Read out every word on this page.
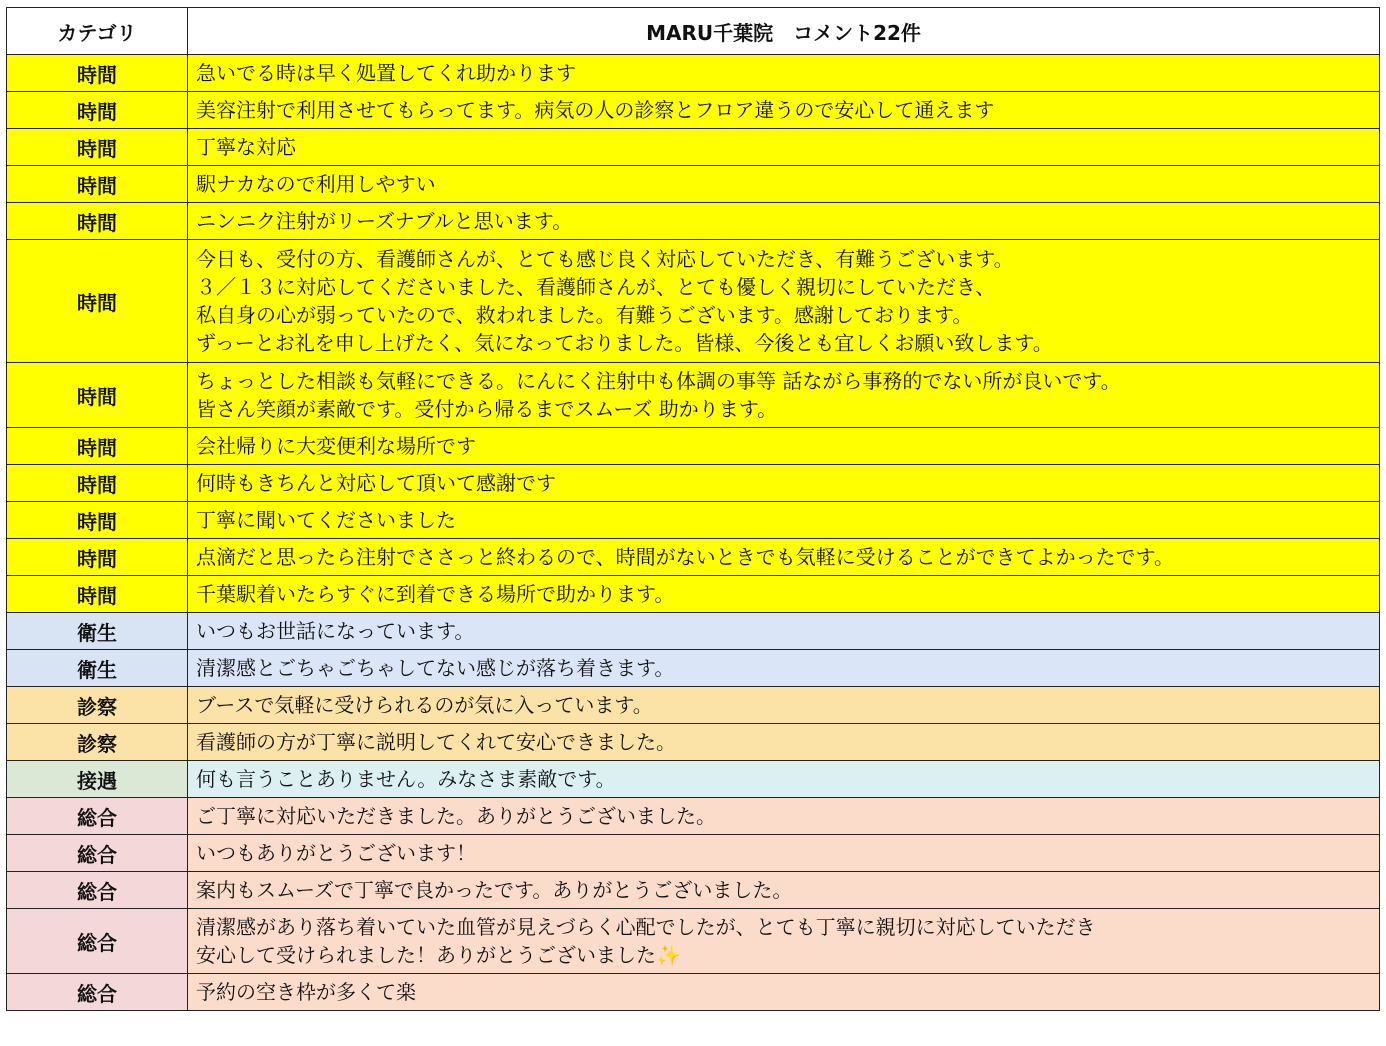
カテゴリ	MARU千葉院　コメント22件
時間	急いでる時は早く処置してくれ助かります

時間	美容注射で利用させてもらってます。病気の人の診察とフロア違うので安心して通えます

時間	丁寧な対応

時間	駅ナカなので利用しやすい

時間	ニンニク注射がリーズナブルと思います。

時間	今日も、受付の方、看護師さんが、とても感じ良く対応していただき、有難うございます。
３／１３に対応してくださいました、看護師さんが、とても優しく親切にしていただき、
私自身の心が弱っていたので、救われました。有難うございます。感謝しております。
ずっーとお礼を申し上げたく、気になっておりました。皆様、今後とも宜しくお願い致します。

時間	ちょっとした相談も気軽にできる。にんにく注射中も体調の事等 話ながら事務的でない所が良いです。
皆さん笑顔が素敵です。受付から帰るまでスムーズ 助かります。

時間	会社帰りに大変便利な場所です

時間	何時もきちんと対応して頂いて感謝です

時間	丁寧に聞いてくださいました

時間	点滴だと思ったら注射でささっと終わるので、時間がないときでも気軽に受けることができてよかったです。

時間	千葉駅着いたらすぐに到着できる場所で助かります。

衛生	いつもお世話になっています。

衛生	清潔感とごちゃごちゃしてない感じが落ち着きます。

診察	ブースで気軽に受けられるのが気に入っています。

診察	看護師の方が丁寧に説明してくれて安心できました。

接遇	何も言うことありません。みなさま素敵です。

総合	ご丁寧に対応いただきました。ありがとうございました。

総合	いつもありがとうございます！

総合	案内もスムーズで丁寧で良かったです。ありがとうございました。

総合	清潔感があり落ち着いていた血管が見えづらく心配でしたが、とても丁寧に親切に対応していただき
安心して受けられました！ありがとうございました✨

総合	予約の空き枠が多くて楽
